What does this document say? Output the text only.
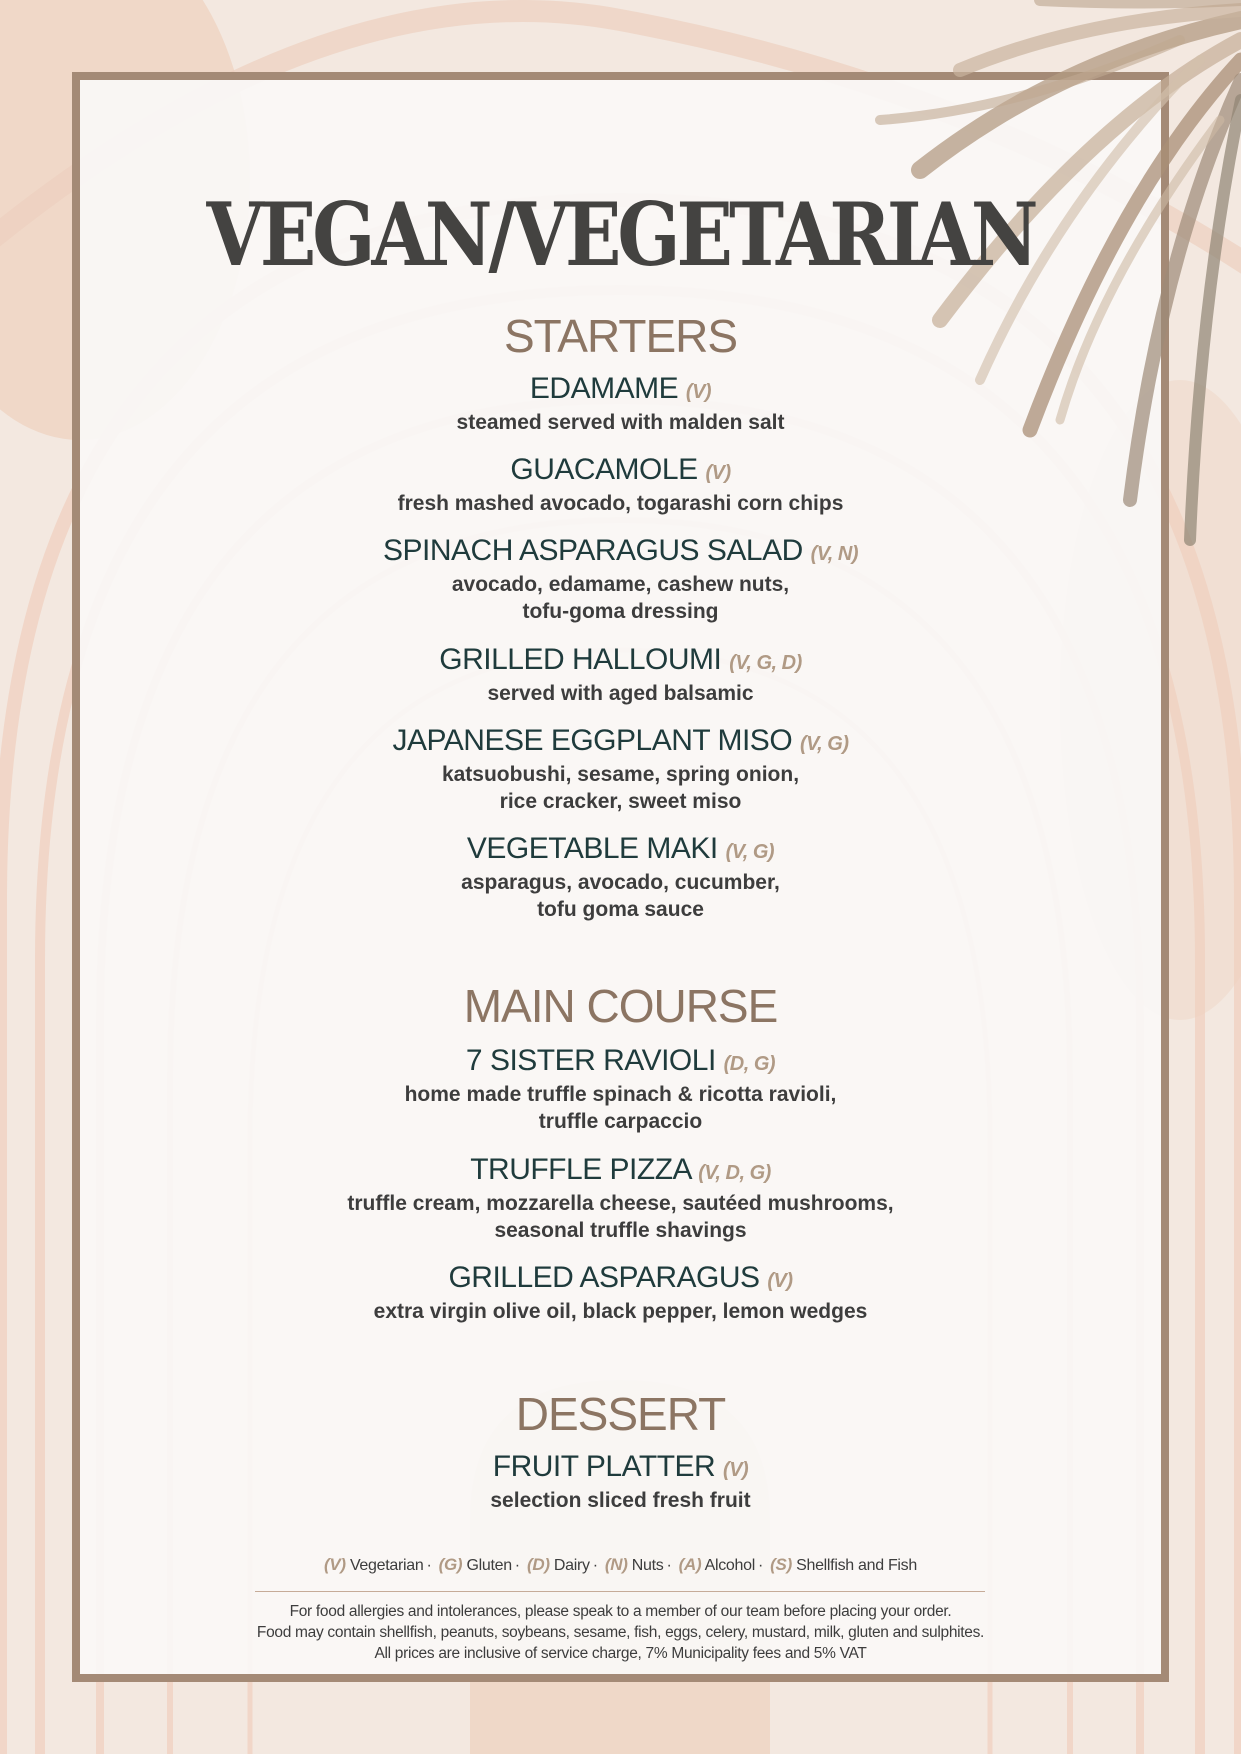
VEGAN/VEGETARIAN
STARTERS
EDAMAME (V)
steamed served with malden salt
GUACAMOLE (V)
fresh mashed avocado, togarashi corn chips
SPINACH ASPARAGUS SALAD (V, N)
avocado, edamame, cashew nuts,
tofu-goma dressing
GRILLED HALLOUMI (V, G, D)
served with aged balsamic
JAPANESE EGGPLANT MISO (V, G)
katsuobushi, sesame, spring onion,
rice cracker, sweet miso
VEGETABLE MAKI (V, G)
asparagus, avocado, cucumber,
tofu goma sauce
MAIN COURSE
7 SISTER RAVIOLI (D, G)
home made truffle spinach & ricotta ravioli,
truffle carpaccio
TRUFFLE PIZZA (V, D, G)
truffle cream, mozzarella cheese, sautéed mushrooms,
seasonal truffle shavings
GRILLED ASPARAGUS (V)
extra virgin olive oil, black pepper, lemon wedges
DESSERT
FRUIT PLATTER (V)
selection sliced fresh fruit
(V) Vegetarian · (G) Gluten · (D) Dairy · (N) Nuts · (A) Alcohol · (S) Shellfish and Fish
For food allergies and intolerances, please speak to a member of our team before placing your order.
Food may contain shellfish, peanuts, soybeans, sesame, fish, eggs, celery, mustard, milk, gluten and sulphites.
All prices are inclusive of service charge, 7% Municipality fees and 5% VAT
